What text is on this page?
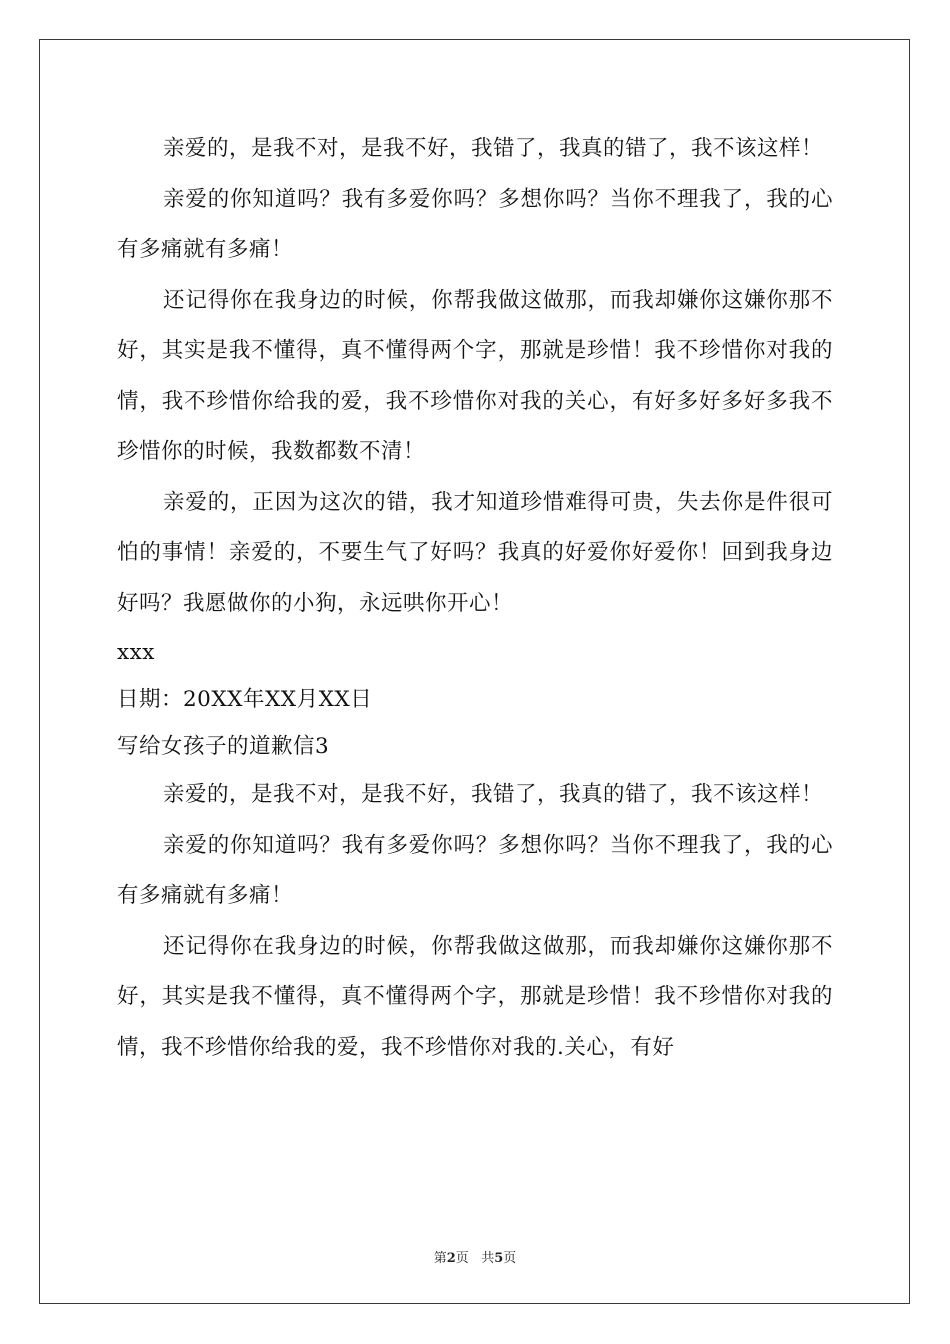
亲爱的，是我不对，是我不好，我错了，我真的错了，我不该这样！

亲爱的你知道吗？我有多爱你吗？多想你吗？当你不理我了，我的心有多痛就有多痛！

还记得你在我身边的时候，你帮我做这做那，而我却嫌你这嫌你那不好，其实是我不懂得，真不懂得两个字，那就是珍惜！我不珍惜你对我的情，我不珍惜你给我的爱，我不珍惜你对我的关心，有好多好多好多我不珍惜你的时候，我数都数不清！

亲爱的，正因为这次的错，我才知道珍惜难得可贵，失去你是件很可怕的事情！亲爱的，不要生气了好吗？我真的好爱你好爱你！回到我身边好吗？我愿做你的小狗，永远哄你开心！

xxx

日期：20XX年XX月XX日

写给女孩子的道歉信3

亲爱的，是我不对，是我不好，我错了，我真的错了，我不该这样！

亲爱的你知道吗？我有多爱你吗？多想你吗？当你不理我了，我的心有多痛就有多痛！

还记得你在我身边的时候，你帮我做这做那，而我却嫌你这嫌你那不好，其实是我不懂得，真不懂得两个字，那就是珍惜！我不珍惜你对我的情，我不珍惜你给我的爱，我不珍惜你对我的.关心，有好

第2页 共5页
